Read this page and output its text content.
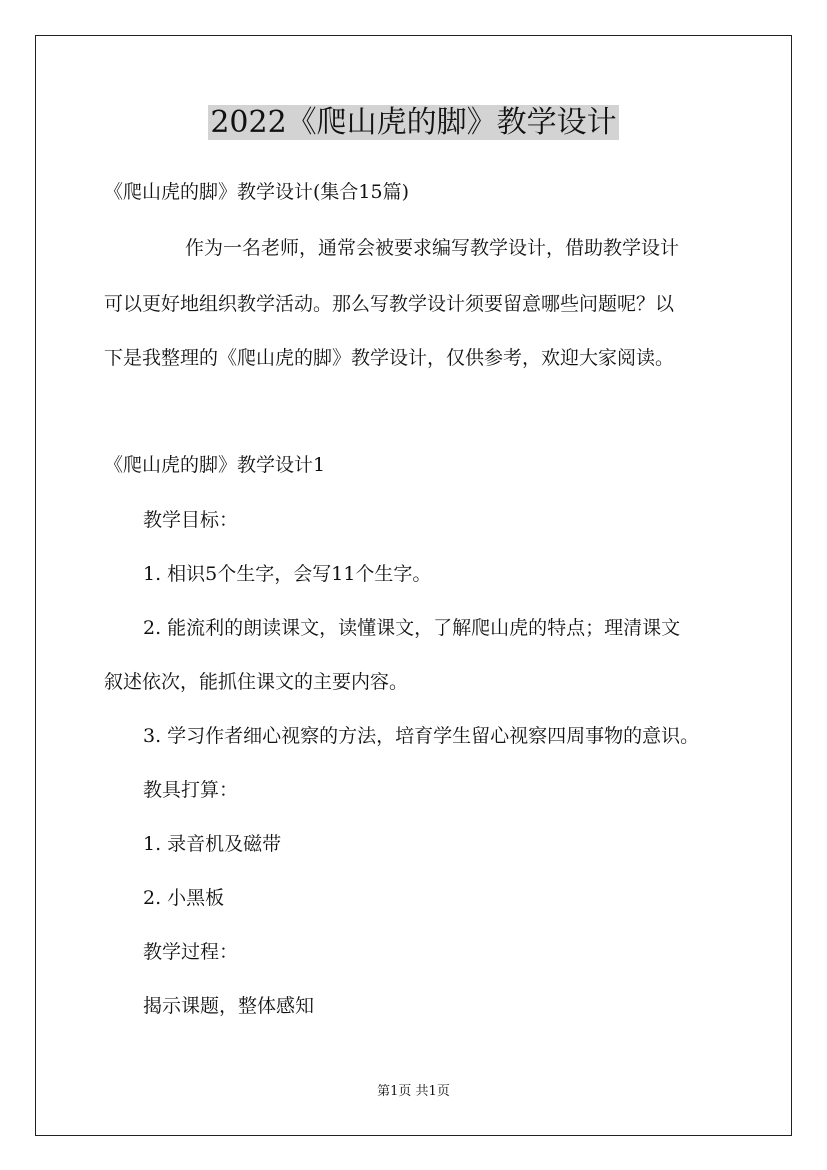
2022《爬山虎的脚》教学设计
《爬山虎的脚》教学设计(集合15篇)
作为一名老师，通常会被要求编写教学设计，借助教学设计
可以更好地组织教学活动。那么写教学设计须要留意哪些问题呢？以
下是我整理的《爬山虎的脚》教学设计，仅供参考，欢迎大家阅读。
《爬山虎的脚》教学设计1
教学目标：
1. 相识5个生字，会写11个生字。
2. 能流利的朗读课文，读懂课文，了解爬山虎的特点；理清课文
叙述依次，能抓住课文的主要内容。
3. 学习作者细心视察的方法，培育学生留心视察四周事物的意识。
教具打算：
1. 录音机及磁带
2. 小黑板
教学过程：
揭示课题，整体感知
第1页 共1页
